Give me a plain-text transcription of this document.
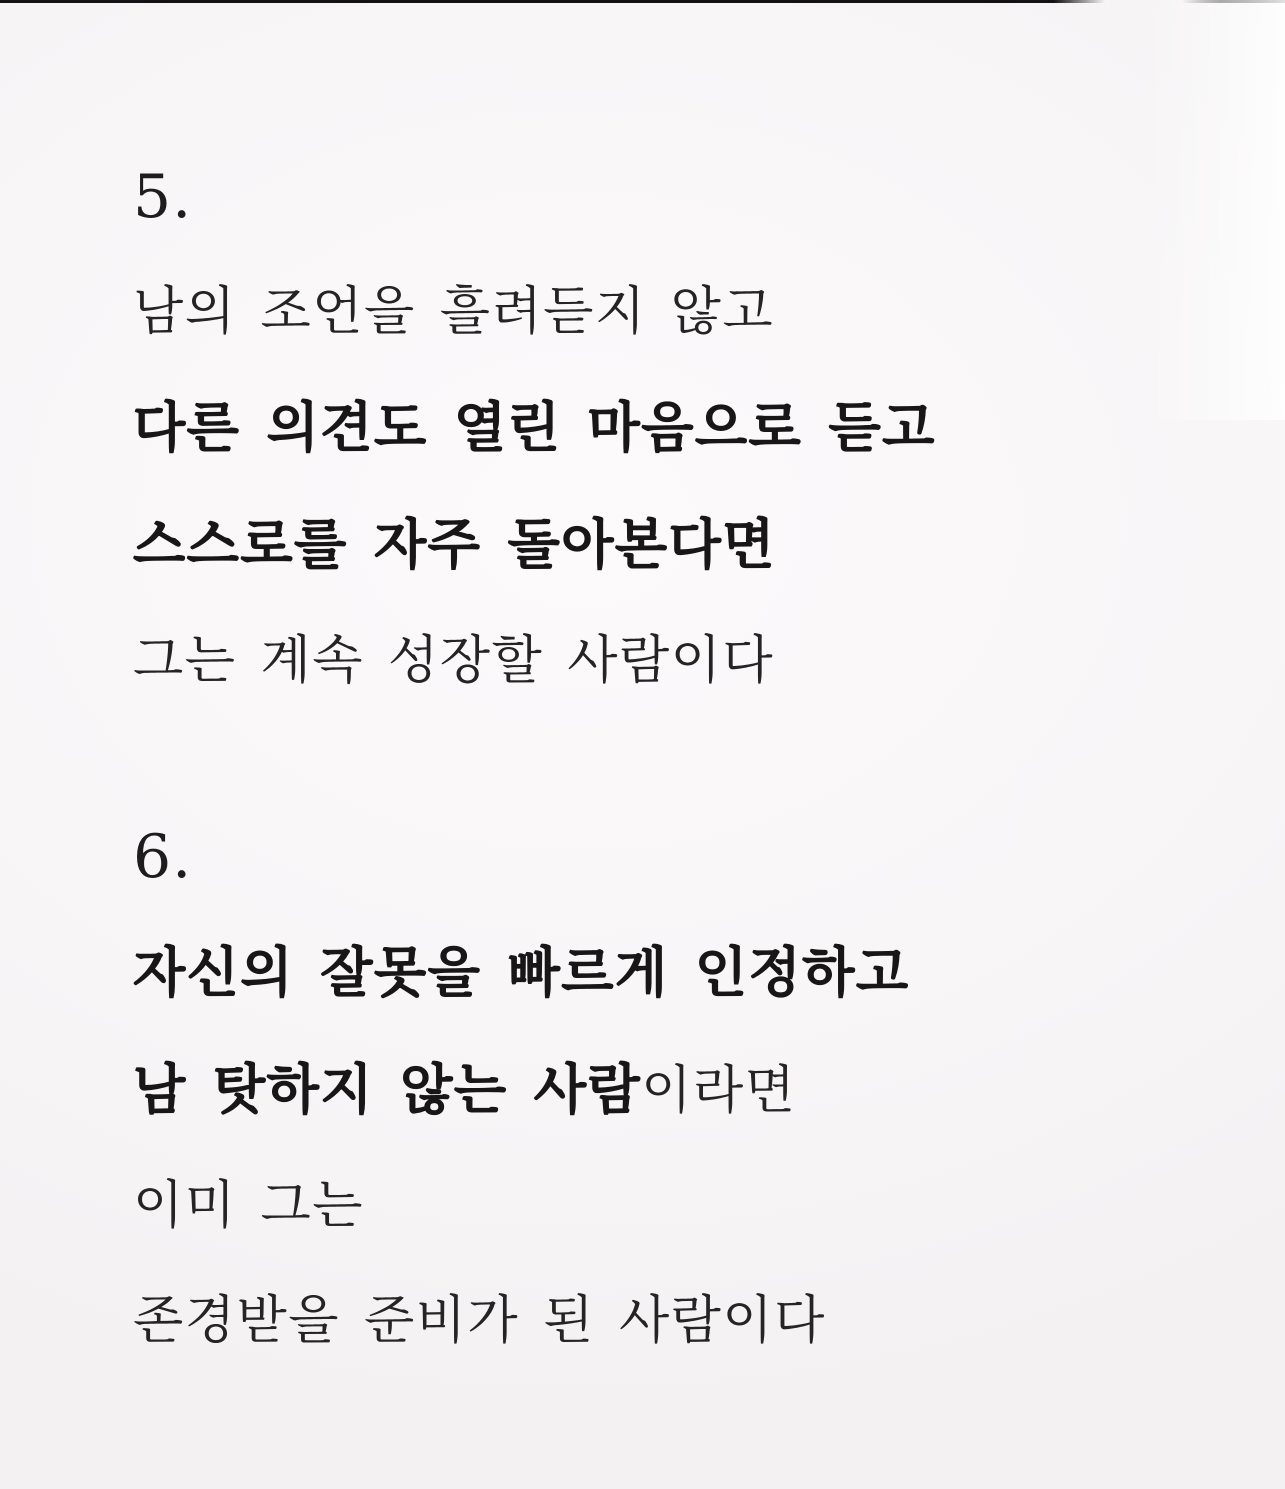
5.

남의 조언을 흘려듣지 않고

다른 의견도 열린 마음으로 듣고

스스로를 자주 돌아본다면

그는 계속 성장할 사람이다

6.

자신의 잘못을 빠르게 인정하고

남 탓하지 않는 사람이라면

이미 그는

존경받을 준비가 된 사람이다
